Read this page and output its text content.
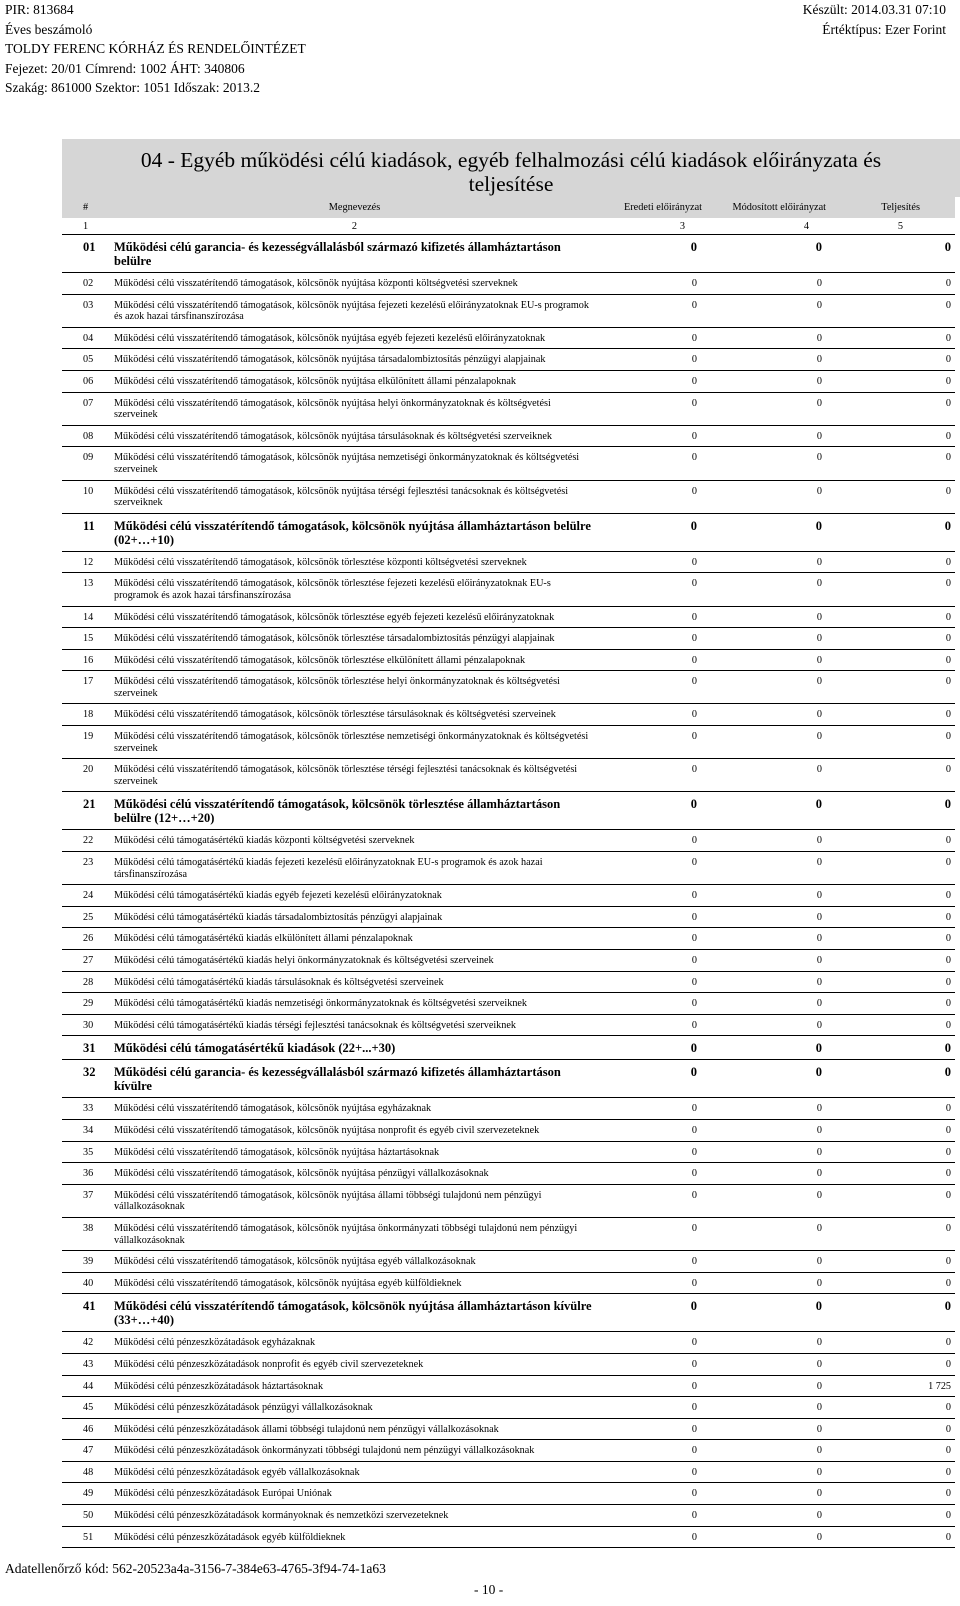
PIR: 813684
Éves beszámoló
TOLDY FERENC KÓRHÁZ ÉS RENDELŐINTÉZET
Fejezet: 20/01 Címrend: 1002 ÁHT: 340806
Szakág: 861000 Szektor: 1051 Időszak: 2013.2
Készült: 2014.03.31 07:10
Értéktípus: Ezer Forint
04 - Egyéb működési célú kiadások, egyéb felhalmozási célú kiadások előirányzata és
teljesítése
#	Megnevezés	Eredeti előirányzat	Módosított előirányzat	Teljesítés
1	2	3	4	5
01	Működési célú garancia- és kezességvállalásból származó kifizetés államháztartáson belülre	0	0	0
02	Működési célú visszatérítendő támogatások, kölcsönök nyújtása központi költségvetési szerveknek	0	0	0
03	Működési célú visszatérítendő támogatások, kölcsönök nyújtása fejezeti kezelésű előirányzatoknak EU-s programok és azok hazai társfinanszírozása	0	0	0
04	Működési célú visszatérítendő támogatások, kölcsönök nyújtása egyéb fejezeti kezelésű előirányzatoknak	0	0	0
05	Működési célú visszatérítendő támogatások, kölcsönök nyújtása társadalombiztosítás pénzügyi alapjainak	0	0	0
06	Működési célú visszatérítendő támogatások, kölcsönök nyújtása elkülönített állami pénzalapoknak	0	0	0
07	Működési célú visszatérítendő támogatások, kölcsönök nyújtása helyi önkormányzatoknak és költségvetési szerveinek	0	0	0
08	Működési célú visszatérítendő támogatások, kölcsönök nyújtása társulásoknak és költségvetési szerveiknek	0	0	0
09	Működési célú visszatérítendő támogatások, kölcsönök nyújtása nemzetiségi önkormányzatoknak és költségvetési szerveinek	0	0	0
10	Működési célú visszatérítendő támogatások, kölcsönök nyújtása térségi fejlesztési tanácsoknak és költségvetési szerveiknek	0	0	0
11	Működési célú visszatérítendő támogatások, kölcsönök nyújtása államháztartáson belülre (02+…+10)	0	0	0
12	Működési célú visszatérítendő támogatások, kölcsönök törlesztése központi költségvetési szerveknek	0	0	0
13	Működési célú visszatérítendő támogatások, kölcsönök törlesztése fejezeti kezelésű előirányzatoknak EU-s programok és azok hazai társfinanszírozása	0	0	0
14	Működési célú visszatérítendő támogatások, kölcsönök törlesztése egyéb fejezeti kezelésű előirányzatoknak	0	0	0
15	Működési célú visszatérítendő támogatások, kölcsönök törlesztése társadalombiztosítás pénzügyi alapjainak	0	0	0
16	Működési célú visszatérítendő támogatások, kölcsönök törlesztése elkülönített állami pénzalapoknak	0	0	0
17	Működési célú visszatérítendő támogatások, kölcsönök törlesztése helyi önkormányzatoknak és költségvetési szerveinek	0	0	0
18	Működési célú visszatérítendő támogatások, kölcsönök törlesztése társulásoknak és költségvetési szerveinek	0	0	0
19	Működési célú visszatérítendő támogatások, kölcsönök törlesztése nemzetiségi önkormányzatoknak és költségvetési szerveinek	0	0	0
20	Működési célú visszatérítendő támogatások, kölcsönök törlesztése térségi fejlesztési tanácsoknak és költségvetési szerveinek	0	0	0
21	Működési célú visszatérítendő támogatások, kölcsönök törlesztése államháztartáson belülre (12+…+20)	0	0	0
22	Működési célú támogatásértékű kiadás központi költségvetési szerveknek	0	0	0
23	Működési célú támogatásértékű kiadás fejezeti kezelésű előirányzatoknak EU-s programok és azok hazai társfinanszírozása	0	0	0
24	Működési célú támogatásértékű kiadás egyéb fejezeti kezelésű előirányzatoknak	0	0	0
25	Működési célú támogatásértékű kiadás társadalombiztosítás pénzügyi alapjainak	0	0	0
26	Működési célú támogatásértékű kiadás elkülönített állami pénzalapoknak	0	0	0
27	Működési célú támogatásértékű kiadás helyi önkormányzatoknak és költségvetési szerveinek	0	0	0
28	Működési célú támogatásértékű kiadás társulásoknak és költségvetési szerveinek	0	0	0
29	Működési célú támogatásértékű kiadás nemzetiségi önkormányzatoknak és költségvetési szerveiknek	0	0	0
30	Működési célú támogatásértékű kiadás térségi fejlesztési tanácsoknak és költségvetési szerveiknek	0	0	0
31	Működési célú támogatásértékű kiadások (22+...+30)	0	0	0
32	Működési célú garancia- és kezességvállalásból származó kifizetés államháztartáson kívülre	0	0	0
33	Működési célú visszatérítendő támogatások, kölcsönök nyújtása egyházaknak	0	0	0
34	Működési célú visszatérítendő támogatások, kölcsönök nyújtása nonprofit és egyéb civil szervezeteknek	0	0	0
35	Működési célú visszatérítendő támogatások, kölcsönök nyújtása háztartásoknak	0	0	0
36	Működési célú visszatérítendő támogatások, kölcsönök nyújtása pénzügyi vállalkozásoknak	0	0	0
37	Működési célú visszatérítendő támogatások, kölcsönök nyújtása állami többségi tulajdonú nem pénzügyi vállalkozásoknak	0	0	0
38	Működési célú visszatérítendő támogatások, kölcsönök nyújtása önkormányzati többségi tulajdonú nem pénzügyi vállalkozásoknak	0	0	0
39	Működési célú visszatérítendő támogatások, kölcsönök nyújtása egyéb vállalkozásoknak	0	0	0
40	Működési célú visszatérítendő támogatások, kölcsönök nyújtása egyéb külföldieknek	0	0	0
41	Működési célú visszatérítendő támogatások, kölcsönök nyújtása államháztartáson kívülre (33+…+40)	0	0	0
42	Működési célú pénzeszközátadások egyházaknak	0	0	0
43	Működési célú pénzeszközátadások nonprofit és egyéb civil szervezeteknek	0	0	0
44	Működési célú pénzeszközátadások háztartásoknak	0	0	1 725
45	Működési célú pénzeszközátadások pénzügyi vállalkozásoknak	0	0	0
46	Működési célú pénzeszközátadások állami többségi tulajdonú nem pénzügyi vállalkozásoknak	0	0	0
47	Működési célú pénzeszközátadások önkormányzati többségi tulajdonú nem pénzügyi vállalkozásoknak	0	0	0
48	Működési célú pénzeszközátadások egyéb vállalkozásoknak	0	0	0
49	Működési célú pénzeszközátadások Európai Uniónak	0	0	0
50	Működési célú pénzeszközátadások kormányoknak és nemzetközi szervezeteknek	0	0	0
51	Működési célú pénzeszközátadások egyéb külföldieknek	0	0	0
Adatellenőrző kód: 562-20523a4a-3156-7-384e63-4765-3f94-74-1a63
- 10 -
